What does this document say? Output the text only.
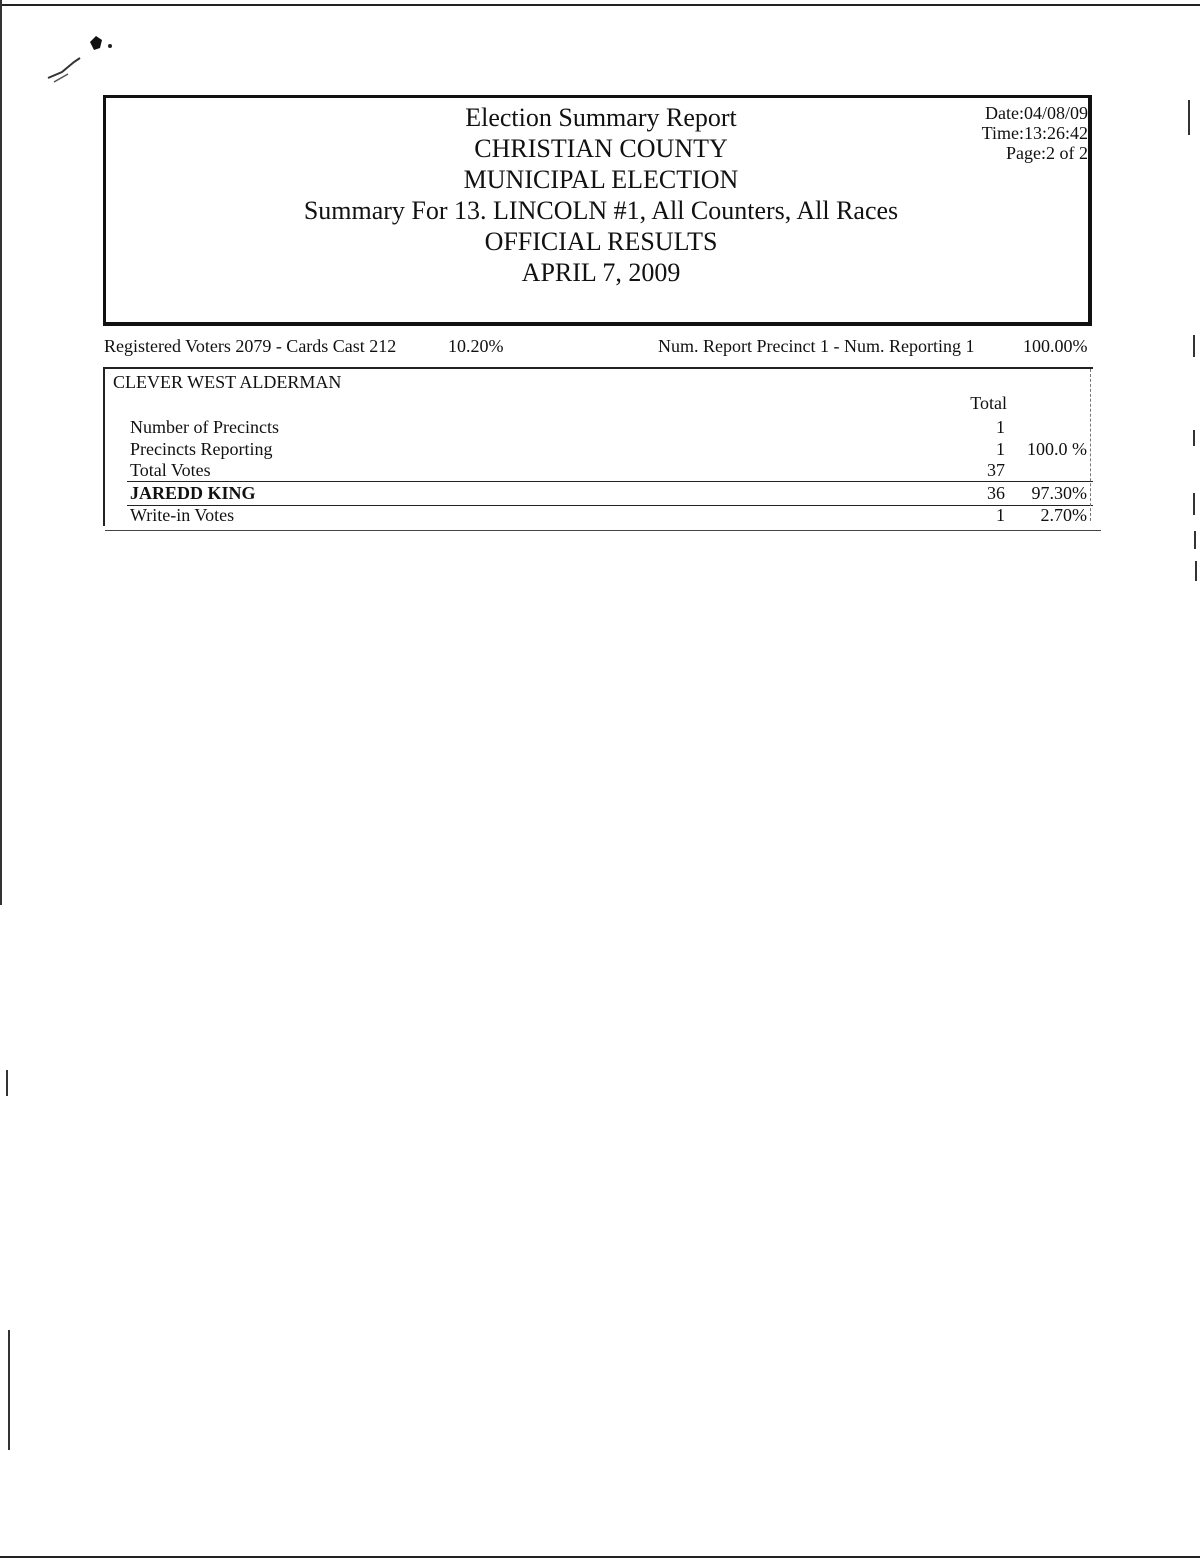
Election Summary Report
CHRISTIAN COUNTY
MUNICIPAL ELECTION
Summary For 13. LINCOLN #1, All Counters, All Races
OFFICIAL RESULTS
APRIL 7, 2009
Date:04/08/09
Time:13:26:42
Page:2 of 2
Registered Voters 2079 - Cards Cast 212	10.20%	Num. Report Precinct 1 - Num. Reporting 1	100.00%
CLEVER WEST ALDERMAN
Total
Number of Precincts	1
Precincts Reporting	1	100.0 %
Total Votes	37
JAREDD KING	36	97.30%
Write-in Votes	1	2.70%
